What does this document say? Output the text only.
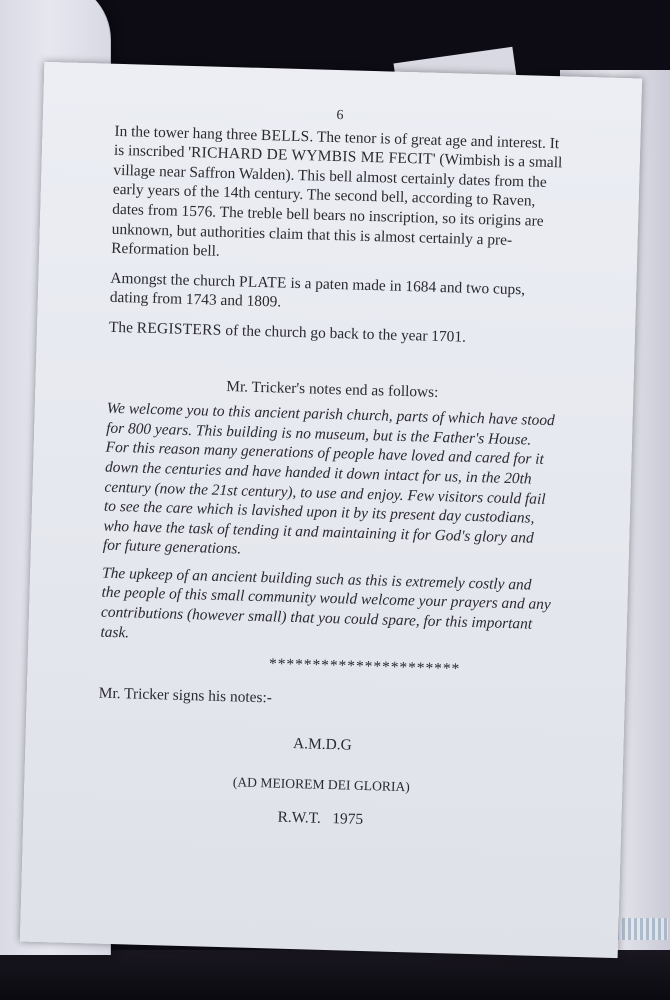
6

In the tower hang three BELLS. The tenor is of great age and interest. It is inscribed 'RICHARD DE WYMBIS ME FECIT' (Wimbish is a small village near Saffron Walden). This bell almost certainly dates from the early years of the 14th century. The second bell, according to Raven, dates from 1576. The treble bell bears no inscription, so its origins are unknown, but authorities claim that this is almost certainly a pre-Reformation bell.

Amongst the church PLATE is a paten made in 1684 and two cups, dating from 1743 and 1809.

The REGISTERS of the church go back to the year 1701.

Mr. Tricker's notes end as follows:

We welcome you to this ancient parish church, parts of which have stood for 800 years. This building is no museum, but is the Father's House. For this reason many generations of people have loved and cared for it down the centuries and have handed it down intact for us, in the 20th century (now the 21st century), to use and enjoy. Few visitors could fail to see the care which is lavished upon it by its present day custodians, who have the task of tending it and maintaining it for God's glory and for future generations.

The upkeep of an ancient building such as this is extremely costly and the people of this small community would welcome your prayers and any contributions (however small) that you could spare, for this important task.

**********************
Mr. Tricker signs his notes:-
A.M.D.G
(AD MEIOREM DEI GLORIA)
R.W.T. 1975
